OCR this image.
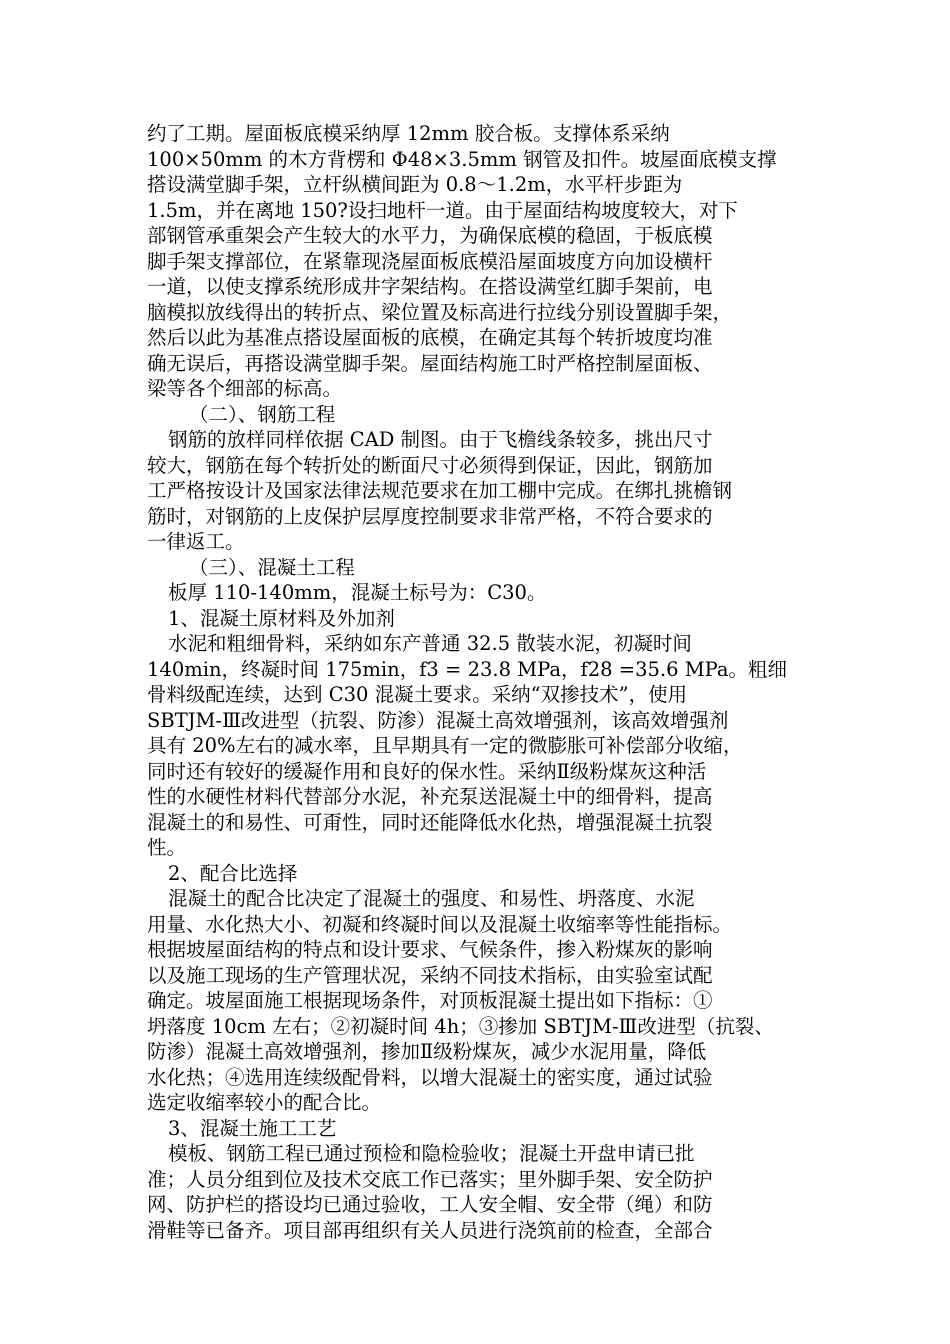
约了工期。屋面板底模采纳厚 12mm 胶合板。支撑体系采纳
100×50mm 的木方背楞和 Φ48×3.5mm 钢管及扣件。坡屋面底模支撑
搭设满堂脚手架，立杆纵横间距为 0.8～1.2m，水平杆步距为
1.5m，并在离地 150?设扫地杆一道。由于屋面结构坡度较大，对下
部钢管承重架会产生较大的水平力，为确保底模的稳固，于板底模
脚手架支撑部位，在紧靠现浇屋面板底模沿屋面坡度方向加设横杆
一道，以使支撑系统形成井字架结构。在搭设满堂红脚手架前，电
脑模拟放线得出的转折点、梁位置及标高进行拉线分别设置脚手架，
然后以此为基准点搭设屋面板的底模，在确定其每个转折坡度均准
确无误后，再搭设满堂脚手架。屋面结构施工时严格控制屋面板、
梁等各个细部的标高。
（二）、钢筋工程
钢筋的放样同样依据 CAD 制图。由于飞檐线条较多，挑出尺寸
较大，钢筋在每个转折处的断面尺寸必须得到保证，因此，钢筋加
工严格按设计及国家法律法规范要求在加工棚中完成。在绑扎挑檐钢
筋时，对钢筋的上皮保护层厚度控制要求非常严格，不符合要求的
一律返工。
（三）、混凝土工程
板厚 110-140mm，混凝土标号为：C30。
1、混凝土原材料及外加剂
水泥和粗细骨料，采纳如东产普通 32.5 散装水泥，初凝时间
140min，终凝时间 175min，f3 = 23.8 MPa，f28 =35.6 MPa。粗细
骨料级配连续，达到 C30 混凝土要求。采纳“双掺技术”，使用
SBTJM-Ⅲ改进型（抗裂、防渗）混凝土高效增强剂，该高效增强剂
具有 20%左右的减水率，且早期具有一定的微膨胀可补偿部分收缩，
同时还有较好的缓凝作用和良好的保水性。采纳Ⅱ级粉煤灰这种活
性的水硬性材料代替部分水泥，补充泵送混凝土中的细骨料，提高
混凝土的和易性、可甭性，同时还能降低水化热，增强混凝土抗裂
性。
2、配合比选择
混凝土的配合比决定了混凝土的强度、和易性、坍落度、水泥
用量、水化热大小、初凝和终凝时间以及混凝土收缩率等性能指标。
根据坡屋面结构的特点和设计要求、气候条件，掺入粉煤灰的影响
以及施工现场的生产管理状况，采纳不同技术指标，由实验室试配
确定。坡屋面施工根据现场条件，对顶板混凝土提出如下指标：①
坍落度 10cm 左右；②初凝时间 4h；③掺加 SBTJM-Ⅲ改进型（抗裂、
防渗）混凝土高效增强剂，掺加Ⅱ级粉煤灰，减少水泥用量，降低
水化热；④选用连续级配骨料，以增大混凝土的密实度，通过试验
选定收缩率较小的配合比。
3、混凝土施工工艺
模板、钢筋工程已通过预检和隐检验收；混凝土开盘申请已批
准；人员分组到位及技术交底工作已落实；里外脚手架、安全防护
网、防护栏的搭设均已通过验收，工人安全帽、安全带（绳）和防
滑鞋等已备齐。项目部再组织有关人员进行浇筑前的检查，全部合
